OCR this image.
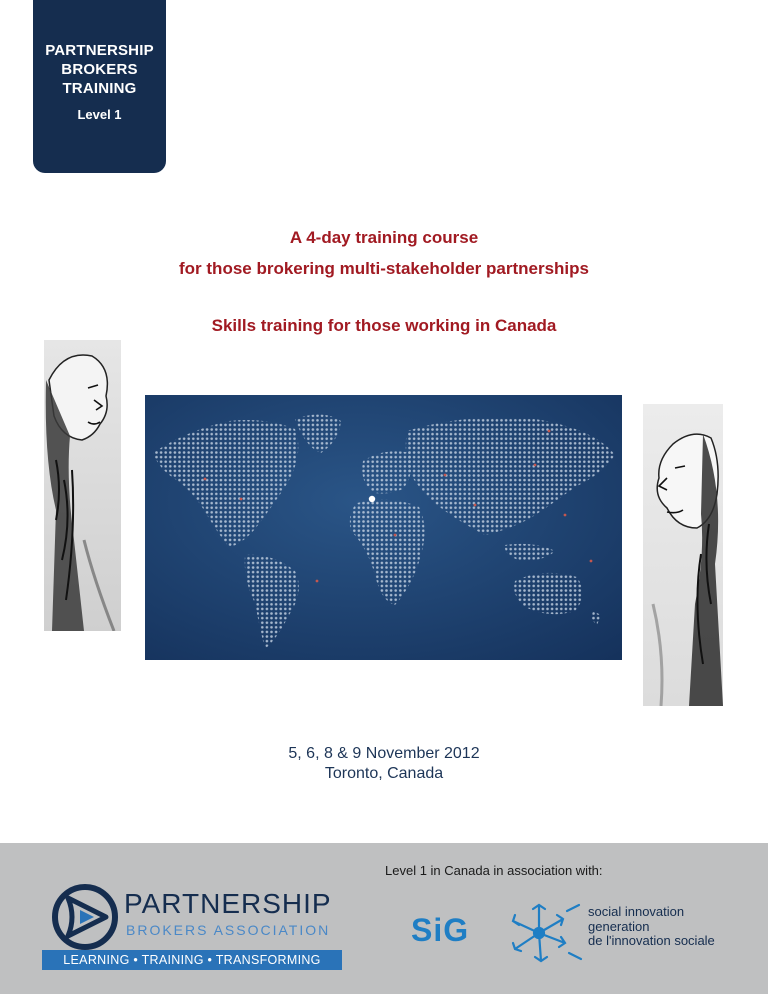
PARTNERSHIP
BROKERS
TRAINING
Level 1
A 4-day training course
for those brokering multi-stakeholder partnerships
Skills training for those working in Canada
5, 6, 8 & 9 November 2012
Toronto, Canada
Level 1 in Canada in association with:
PARTNERSHIP
BROKERS ASSOCIATION
LEARNING • TRAINING • TRANSFORMING
SiG
social innovation
generation
de l'innovation sociale
